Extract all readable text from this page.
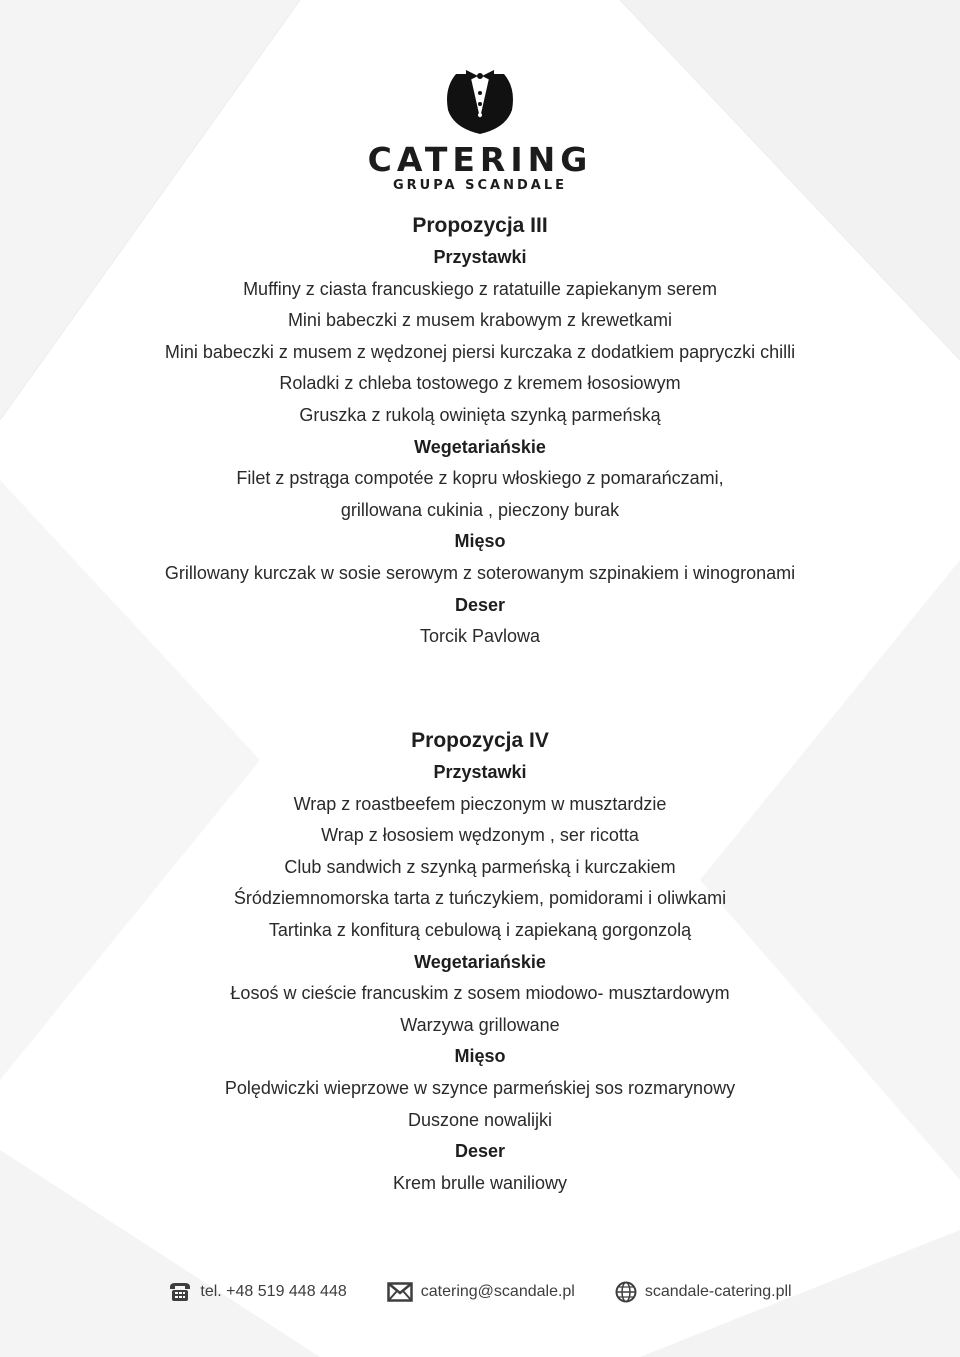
CATERING
GRUPA SCANDALE
Propozycja III
Przystawki
Muffiny z ciasta francuskiego z ratatuille zapiekanym serem
Mini babeczki z musem krabowym z krewetkami
Mini babeczki z musem z wędzonej piersi kurczaka z dodatkiem papryczki chilli
Roladki z chleba tostowego z kremem łososiowym
Gruszka z rukolą owinięta szynką parmeńską
Wegetariańskie
Filet z pstrąga compotée z kopru włoskiego z pomarańczami,
grillowana cukinia , pieczony burak
Mięso
Grillowany kurczak w sosie serowym z soterowanym szpinakiem i winogronami
Deser
Torcik Pavlowa
Propozycja IV
Przystawki
Wrap z roastbeefem pieczonym w musztardzie
Wrap z łososiem wędzonym , ser ricotta
Club sandwich z szynką parmeńską i kurczakiem
Śródziemnomorska tarta z tuńczykiem, pomidorami i oliwkami
Tartinka z konfiturą cebulową i zapiekaną gorgonzolą
Wegetariańskie
Łosoś w cieście francuskim z sosem miodowo- musztardowym
Warzywa grillowane
Mięso
Polędwiczki wieprzowe w szynce parmeńskiej sos rozmarynowy
Duszone nowalijki
Deser
Krem brulle waniliowy
tel. +48 519 448 448	catering@scandale.pl	scandale-catering.pll
